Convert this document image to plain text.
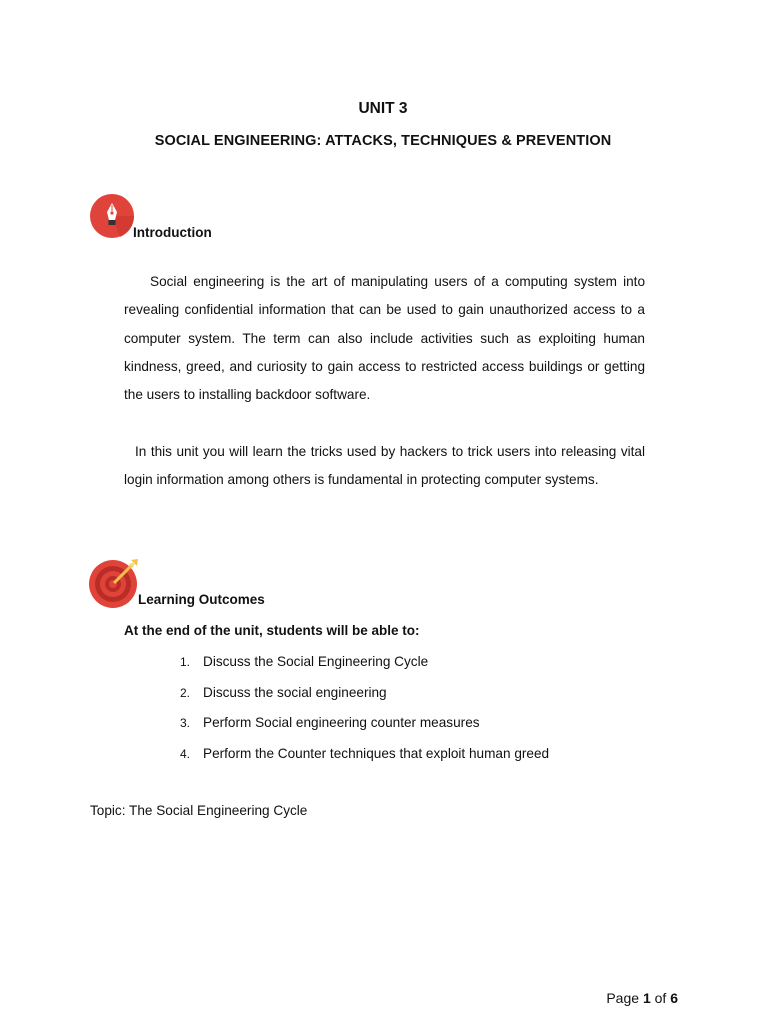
UNIT 3
SOCIAL ENGINEERING: ATTACKS, TECHNIQUES & PREVENTION
Introduction

Social engineering is the art of manipulating users of a computing system into revealing confidential information that can be used to gain unauthorized access to a computer system. The term can also include activities such as exploiting human kindness, greed, and curiosity to gain access to restricted access buildings or getting the users to installing backdoor software.

In this unit you will learn the tricks used by hackers to trick users into releasing vital login information among others is fundamental in protecting computer systems.

Learning Outcomes
At the end of the unit, students will be able to:
1. Discuss the Social Engineering Cycle
2. Discuss the social engineering
3. Perform Social engineering counter measures
4. Perform the Counter techniques that exploit human greed
Topic: The Social Engineering Cycle
Page 1 of 6
